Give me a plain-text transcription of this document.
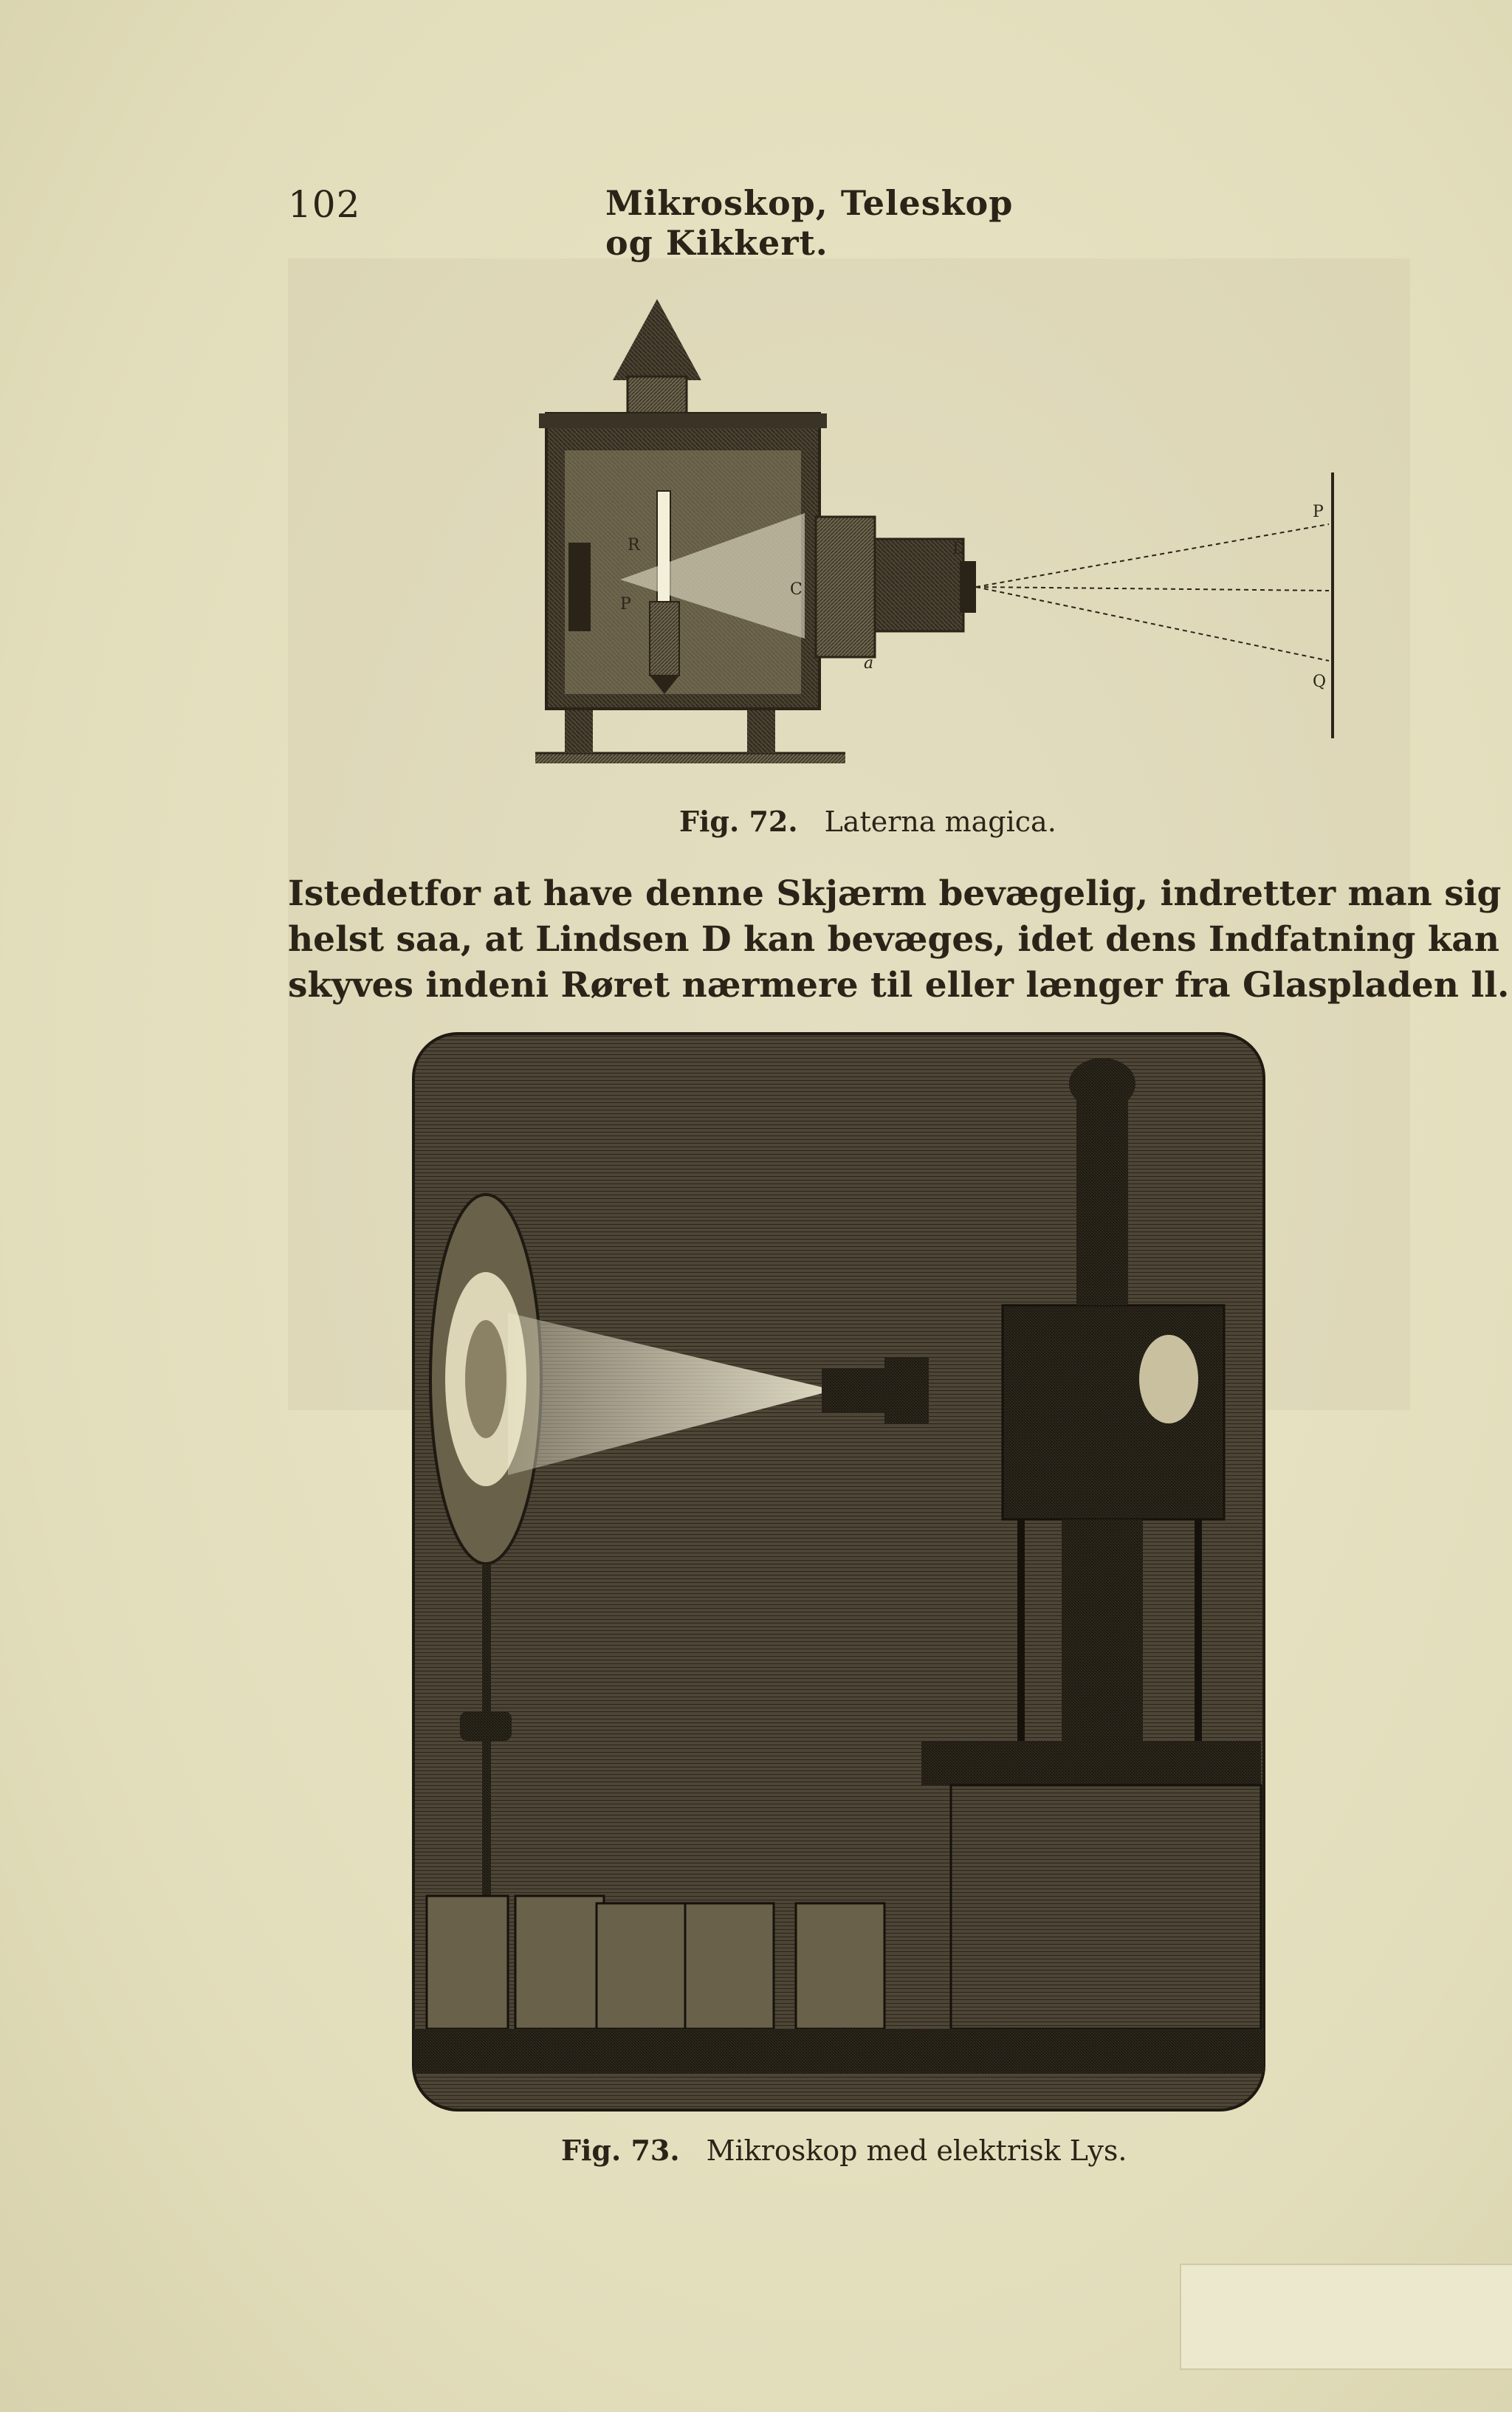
102	Mikroskop, Teleskop og Kikkert.
R
P
C
a
D
P
Q
Fig. 72. Laterna magica.
Istedetfor at have denne Skjærm bevægelig, indretter man sig
helst saa, at Lindsen D kan bevæges, idet dens Indfatning kan
skyves indeni Røret nærmere til eller længer fra Glaspladen ll.
Fig. 73. Mikroskop med elektrisk Lys.
